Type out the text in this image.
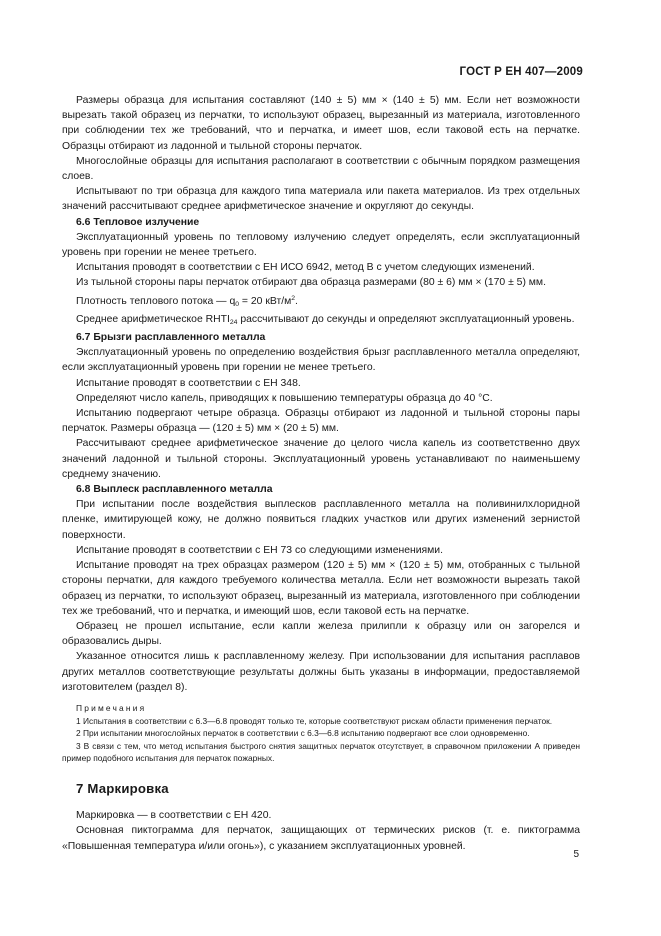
ГОСТ Р ЕН 407—2009

Размеры образца для испытания составляют (140 ± 5) мм × (140 ± 5) мм. Если нет возможности вырезать такой образец из перчатки, то используют образец, вырезанный из материала, изготовленного при соблюдении тех же требований, что и перчатка, и имеет шов, если таковой есть на перчатке. Образцы отбирают из ладонной и тыльной стороны перчаток.

Многослойные образцы для испытания располагают в соответствии с обычным порядком размещения слоев.

Испытывают по три образца для каждого типа материала или пакета материалов. Из трех отдельных значений рассчитывают среднее арифметическое значение и округляют до секунды.

6.6 Тепловое излучение

Эксплуатационный уровень по тепловому излучению следует определять, если эксплуатационный уровень при горении не менее третьего.

Испытания проводят в соответствии с ЕН ИСО 6942, метод В с учетом следующих изменений.

Из тыльной стороны пары перчаток отбирают два образца размерами (80 ± 6) мм × (170 ± 5) мм.

Плотность теплового потока — $q_0 = 20$ кВт/$м^2$.

Среднее арифметическое $RHTI_{24}$ рассчитывают до секунды и определяют эксплуатационный уровень.

6.7 Брызги расплавленного металла

Эксплуатационный уровень по определению воздействия брызг расплавленного металла определяют, если эксплуатационный уровень при горении не менее третьего.

Испытание проводят в соответствии с ЕН 348.

Определяют число капель, приводящих к повышению температуры образца до 40 °С.

Испытанию подвергают четыре образца. Образцы отбирают из ладонной и тыльной стороны пары перчаток. Размеры образца — (120 ± 5) мм × (20 ± 5) мм.

Рассчитывают среднее арифметическое значение до целого числа капель из соответственно двух значений ладонной и тыльной стороны. Эксплуатационный уровень устанавливают по наименьшему среднему значению.

6.8 Выплеск расплавленного металла

При испытании после воздействия выплесков расплавленного металла на поливинилхлоридной пленке, имитирующей кожу, не должно появиться гладких участков или других изменений зернистой поверхности.

Испытание проводят в соответствии с ЕН 73 со следующими изменениями.

Испытание проводят на трех образцах размером (120 ± 5) мм × (120 ± 5) мм, отобранных с тыльной стороны перчатки, для каждого требуемого количества металла. Если нет возможности вырезать такой образец из перчатки, то используют образец, вырезанный из материала, изготовленного при соблюдении тех же требований, что и перчатка, и имеющий шов, если таковой есть на перчатке.

Образец не прошел испытание, если капли железа прилипли к образцу или он загорелся и образовались дыры.

Указанное относится лишь к расплавленному железу. При использовании для испытания расплавов других металлов соответствующие результаты должны быть указаны в информации, предоставляемой изготовителем (раздел 8).

Примечания

1 Испытания в соответствии с 6.3—6.8 проводят только те, которые соответствуют рискам области применения перчаток.

2 При испытании многослойных перчаток в соответствии с 6.3—6.8 испытанию подвергают все слои одновременно.

3 В связи с тем, что метод испытания быстрого снятия защитных перчаток отсутствует, в справочном приложении А приведен пример подобного испытания для перчаток пожарных.

7 Маркировка

Маркировка — в соответствии с ЕН 420.

Основная пиктограмма для перчаток, защищающих от термических рисков (т. е. пиктограмма «Повышенная температура и/или огонь»), с указанием эксплуатационных уровней.

5
